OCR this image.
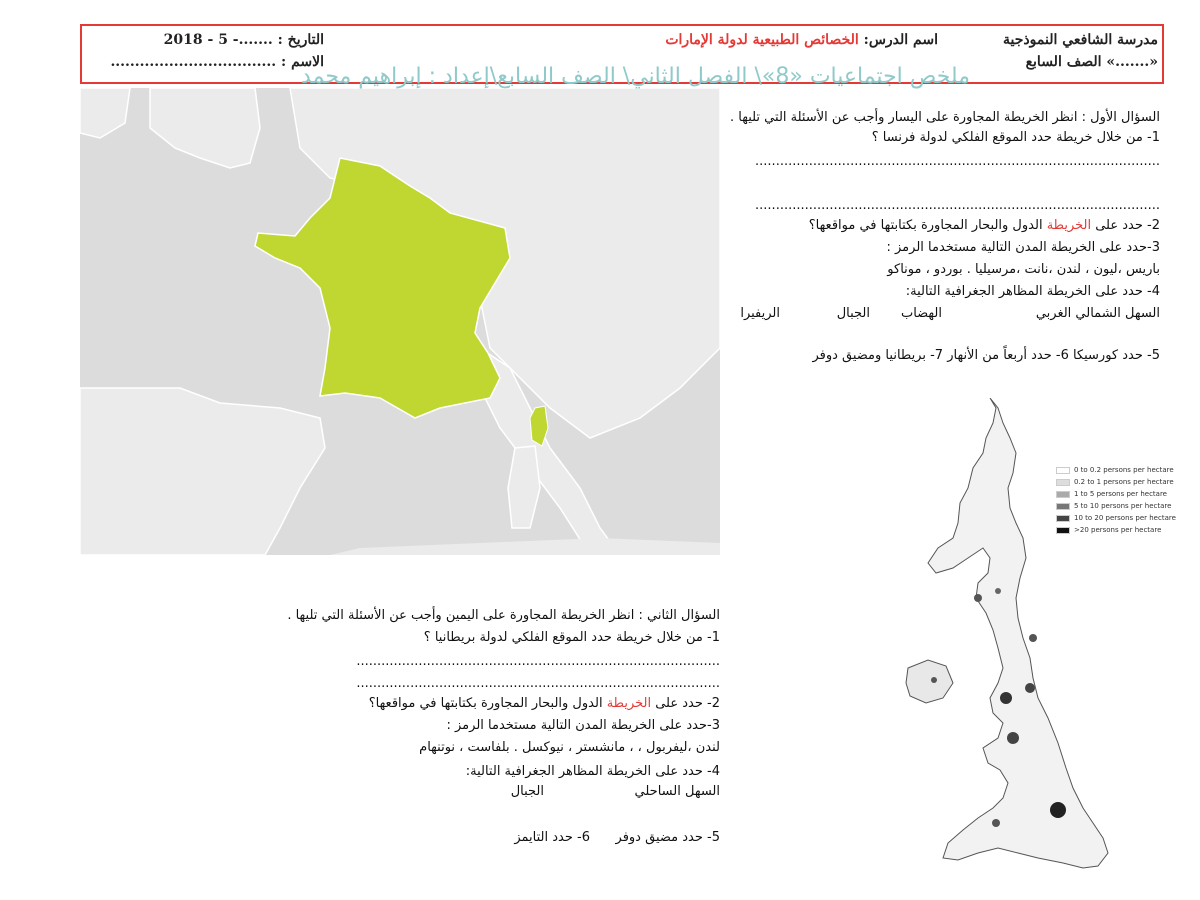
مدرسة الشافعي النموذجية
الصف السابع «.......»
اسم الدرس: الخصائص الطبيعية لدولة الإمارات
التاريخ : .......- 5 - 2018
الاسم : ..................................
ملخص اجتماعيات «8»\ الفصل الثاني\ الصف السابع\إعداد : إبراهيم محمد
السؤال الأول : انظر الخريطة المجاورة على اليسار وأجب عن الأسئلة التي تليها .
1- من خلال خريطة حدد الموقع الفلكي لدولة فرنسا ؟
..................................................................................................
..................................................................................................
2- حدد على الخريطة الدول والبحار المجاورة بكتابتها في مواقعها؟
3-حدد على الخريطة المدن التالية مستخدما الرمز :
باريس ،ليون ، لندن ،نانت ،مرسيليا . بوردو ، موناكو
4- حدد على الخريطة المظاهر الجغرافية التالية:
السهل الشمالي الغربي
الهضاب
الجبال
الريفيرا
5- حدد كورسيكا 6- حدد أربعاً من الأنهار 7- بريطانيا ومضيق دوفر
0 to 0.2 persons per hectare
0.2 to 1 persons per hectare
1 to 5 persons per hectare
5 to 10 persons per hectare
10 to 20 persons per hectare
>20 persons per hectare
السؤال الثاني : انظر الخريطة المجاورة على اليمين وأجب عن الأسئلة التي تليها .
1- من خلال خريطة حدد الموقع الفلكي لدولة بريطانيا ؟
........................................................................................
........................................................................................
2- حدد على الخريطة الدول والبحار المجاورة بكتابتها في مواقعها؟
3-حدد على الخريطة المدن التالية مستخدما الرمز :
لندن ،ليفربول ، ، مانشستر ، نيوكسل . بلفاست ، نوتنهام
4- حدد على الخريطة المظاهر الجغرافية التالية:
السهل الساحلي
الجبال
5- حدد مضيق دوفر
6- حدد التايمز
